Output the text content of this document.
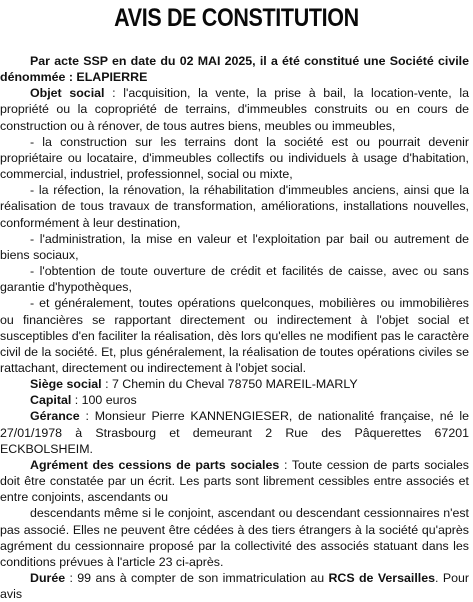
AVIS DE CONSTITUTION

Par acte SSP en date du 02 MAI 2025, il a été constitué une Société civile dénommée : ELAPIERRE

Objet social : l'acquisition, la vente, la prise à bail, la location-vente, la propriété ou la copropriété de terrains, d'immeubles construits ou en cours de construction ou à rénover, de tous autres biens, meubles ou immeubles,

- la construction sur les terrains dont la société est ou pourrait devenir propriétaire ou locataire, d'immeubles collectifs ou individuels à usage d'habitation, commercial, industriel, professionnel, social ou mixte,

- la réfection, la rénovation, la réhabilitation d'immeubles anciens, ainsi que la réalisation de tous travaux de transformation, améliorations, installations nouvelles, conformément à leur destination,

- l'administration, la mise en valeur et l'exploitation par bail ou autrement de biens sociaux,

- l'obtention de toute ouverture de crédit et facilités de caisse, avec ou sans garantie d'hypothèques,

- et généralement, toutes opérations quelconques, mobilières ou immobilières ou financières se rapportant directement ou indirectement à l'objet social et susceptibles d'en faciliter la réalisation, dès lors qu'elles ne modifient pas le caractère civil de la société. Et, plus généralement, la réalisation de toutes opérations civiles se rattachant, directement ou indirectement à l'objet social.

Siège social : 7 Chemin du Cheval 78750 MAREIL-MARLY

Capital : 100 euros

Gérance : Monsieur Pierre KANNENGIESER, de nationalité française, né le 27/01/1978 à Strasbourg et demeurant 2 Rue des Pâquerettes 67201 ECKBOLSHEIM.

Agrément des cessions de parts sociales : Toute cession de parts sociales doit être constatée par un écrit. Les parts sont librement cessibles entre associés et entre conjoints, ascendants ou

descendants même si le conjoint, ascendant ou descendant cessionnaires n'est pas associé. Elles ne peuvent être cédées à des tiers étrangers à la société qu'après agrément du cessionnaire proposé par la collectivité des associés statuant dans les conditions prévues à l'article 23 ci-après.

Durée : 99 ans à compter de son immatriculation au RCS de Versailles. Pour avis
